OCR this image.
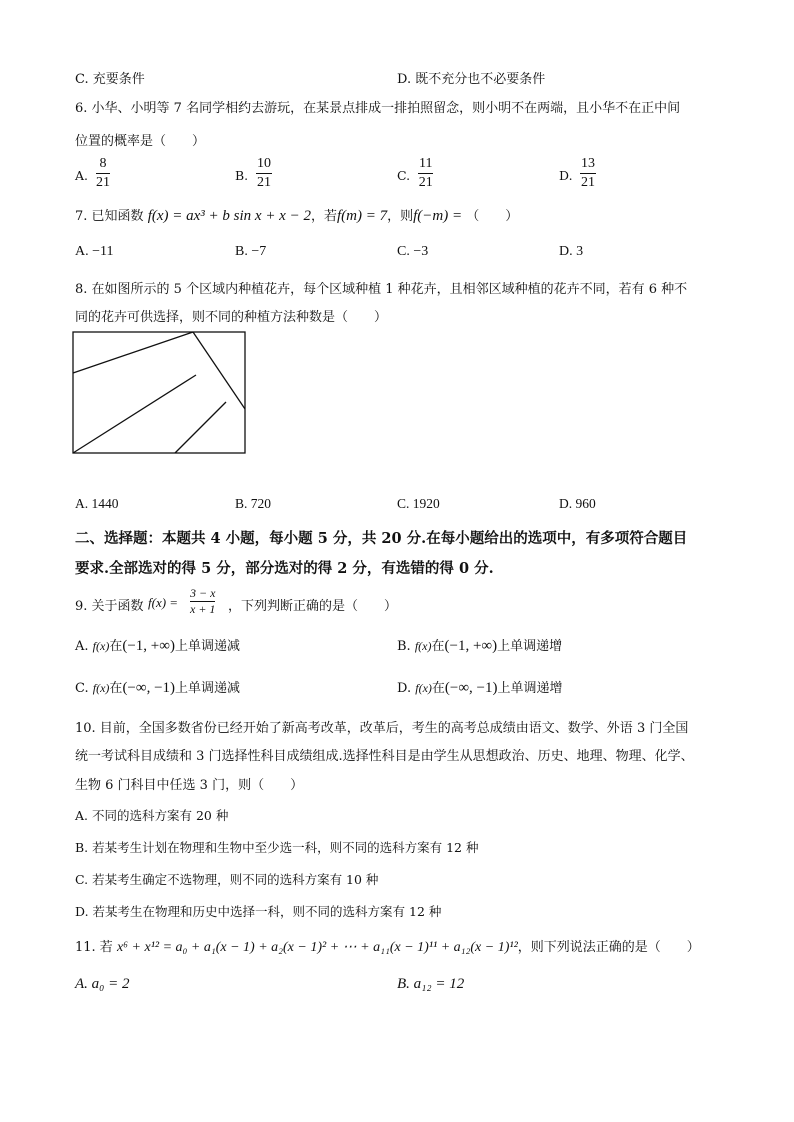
C. 充要条件	D. 既不充分也不必要条件
6. 小华、小明等 7 名同学相约去游玩，在某景点排成一排拍照留念，则小明不在两端，且小华不在正中间
位置的概率是（　　）
A.
8
21	B.
10
21	C.
11
21	D.
13
21
7. 已知函数 f(x) = ax³ + b sin x + x − 2，若f(m) = 7，则f(−m) = （　　）
A. −11	B. −7	C. −3	D. 3
8. 在如图所示的 5 个区域内种植花卉，每个区域种植 1 种花卉，且相邻区域种植的花卉不同，若有 6 种不
同的花卉可供选择，则不同的种植方法种数是（　　）
A. 1440	B. 720	C. 1920	D. 960
二、选择题：本题共 4 小题，每小题 5 分，共 20 分.在每小题给出的选项中，有多项符合题目
要求.全部选对的得 5 分，部分选对的得 2 分，有选错的得 0 分.
9. 关于函数 f(x) =
3 − x
x + 1 ，下列判断正确的是（　　）
A. f(x)在(−1, +∞)上单调递减	B. f(x)在(−1, +∞)上单调递增
C. f(x)在(−∞, −1)上单调递减	D. f(x)在(−∞, −1)上单调递增
10. 目前，全国多数省份已经开始了新高考改革，改革后，考生的高考总成绩由语文、数学、外语 3 门全国
统一考试科目成绩和 3 门选择性科目成绩组成.选择性科目是由学生从思想政治、历史、地理、物理、化学、
生物 6 门科目中任选 3 门，则（　　）
A. 不同的选科方案有 20 种
B. 若某考生计划在物理和生物中至少选一科，则不同的选科方案有 12 种
C. 若某考生确定不选物理，则不同的选科方案有 10 种
D. 若某考生在物理和历史中选择一科，则不同的选科方案有 12 种
11. 若 x⁶ + x¹² = a₀ + a₁(x − 1) + a₂(x − 1)² + ⋯ + a₁₁(x − 1)¹¹ + a₁₂(x − 1)¹²，则下列说法正确的是（　　）
A. a₀ = 2	B. a₁₂ = 12
